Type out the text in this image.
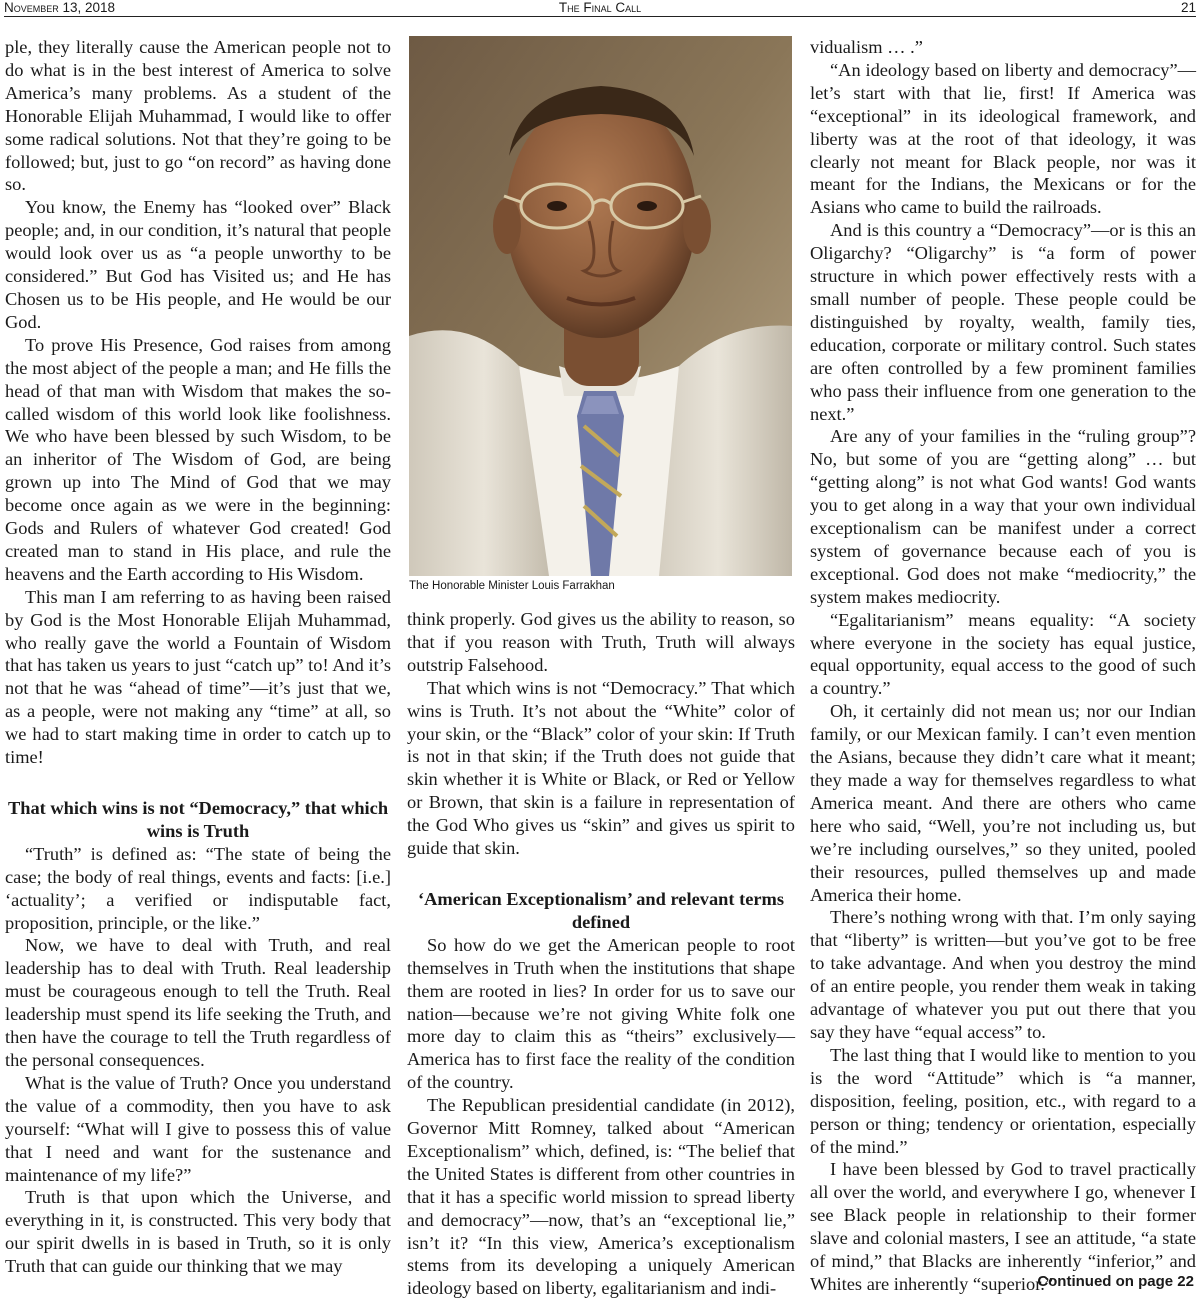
November 13, 2018	The Final Call	21

ple, they literally cause the American people not to do what is in the best interest of America to solve America’s many problems. As a student of the Honorable Elijah Muhammad, I would like to offer some radical solutions. Not that they’re going to be followed; but, just to go “on record” as having done so.

You know, the Enemy has “looked over” Black people; and, in our condition, it’s natural that people would look over us as “a people unworthy to be considered.” But God has Visited us; and He has Chosen us to be His people, and He would be our God.

To prove His Presence, God raises from among the most abject of the people a man; and He fills the head of that man with Wisdom that makes the so-called wisdom of this world look like foolishness. We who have been blessed by such Wisdom, to be an inheritor of The Wisdom of God, are being grown up into The Mind of God that we may become once again as we were in the beginning: Gods and Rulers of whatever God created! God created man to stand in His place, and rule the heavens and the Earth according to His Wisdom.

This man I am referring to as having been raised by God is the Most Honorable Elijah Muhammad, who really gave the world a Fountain of Wisdom that has taken us years to just “catch up” to! And it’s not that he was “ahead of time”—it’s just that we, as a people, were not making any “time” at all, so we had to start making time in order to catch up to time!

That which wins is not “Democracy,” that which wins is Truth

“Truth” is defined as: “The state of being the case; the body of real things, events and facts: [i.e.] ‘actuality’; a verified or indisputable fact, proposition, principle, or the like.”

Now, we have to deal with Truth, and real leadership has to deal with Truth. Real leadership must be courageous enough to tell the Truth. Real leadership must spend its life seeking the Truth, and then have the courage to tell the Truth regardless of the personal consequences.

What is the value of Truth? Once you understand the value of a commodity, then you have to ask yourself: “What will I give to possess this of value that I need and want for the sustenance and maintenance of my life?”

Truth is that upon which the Universe, and everything in it, is constructed. This very body that our spirit dwells in is based in Truth, so it is only Truth that can guide our thinking that we may

The Honorable Minister Louis Farrakhan

think properly. God gives us the ability to reason, so that if you reason with Truth, Truth will always outstrip Falsehood.

That which wins is not “Democracy.” That which wins is Truth. It’s not about the “White” color of your skin, or the “Black” color of your skin: If Truth is not in that skin; if the Truth does not guide that skin whether it is White or Black, or Red or Yellow or Brown, that skin is a failure in representation of the God Who gives us “skin” and gives us spirit to guide that skin.

‘American Exceptionalism’ and relevant terms defined

So how do we get the American people to root themselves in Truth when the institutions that shape them are rooted in lies? In order for us to save our nation—because we’re not giving White folk one more day to claim this as “theirs” exclusively—America has to first face the reality of the condition of the country.

The Republican presidential candidate (in 2012), Governor Mitt Romney, talked about “American Exceptionalism” which, defined, is: “The belief that the United States is different from other countries in that it has a specific world mission to spread liberty and democracy”—now, that’s an “exceptional lie,” isn’t it? “In this view, America’s exceptionalism stems from its developing a uniquely American ideology based on liberty, egalitarianism and indi-

vidualism … .”

“An ideology based on liberty and democracy”—let’s start with that lie, first! If America was “exceptional” in its ideological framework, and liberty was at the root of that ideology, it was clearly not meant for Black people, nor was it meant for the Indians, the Mexicans or for the Asians who came to build the railroads.

And is this country a “Democracy”—or is this an Oligarchy? “Oligarchy” is “a form of power structure in which power effectively rests with a small number of people. These people could be distinguished by royalty, wealth, family ties, education, corporate or military control. Such states are often controlled by a few prominent families who pass their influence from one generation to the next.”

Are any of your families in the “ruling group”? No, but some of you are “getting along” … but “getting along” is not what God wants! God wants you to get along in a way that your own individual exceptionalism can be manifest under a correct system of governance because each of you is exceptional. God does not make “mediocrity,” the system makes mediocrity.

“Egalitarianism” means equality: “A society where everyone in the society has equal justice, equal opportunity, equal access to the good of such a country.”

Oh, it certainly did not mean us; nor our Indian family, or our Mexican family. I can’t even mention the Asians, because they didn’t care what it meant; they made a way for themselves regardless to what America meant. And there are others who came here who said, “Well, you’re not including us, but we’re including ourselves,” so they united, pooled their resources, pulled themselves up and made America their home.

There’s nothing wrong with that. I’m only saying that “liberty” is written—but you’ve got to be free to take advantage. And when you destroy the mind of an entire people, you render them weak in taking advantage of whatever you put out there that you say they have “equal access” to.

The last thing that I would like to mention to you is the word “Attitude” which is “a manner, disposition, feeling, position, etc., with regard to a person or thing; tendency or orientation, especially of the mind.”

I have been blessed by God to travel practically all over the world, and everywhere I go, whenever I see Black people in relationship to their former slave and colonial masters, I see an attitude, “a state of mind,” that Blacks are inherently “inferior,” and Whites are inherently “superior.”

Continued on page 22
